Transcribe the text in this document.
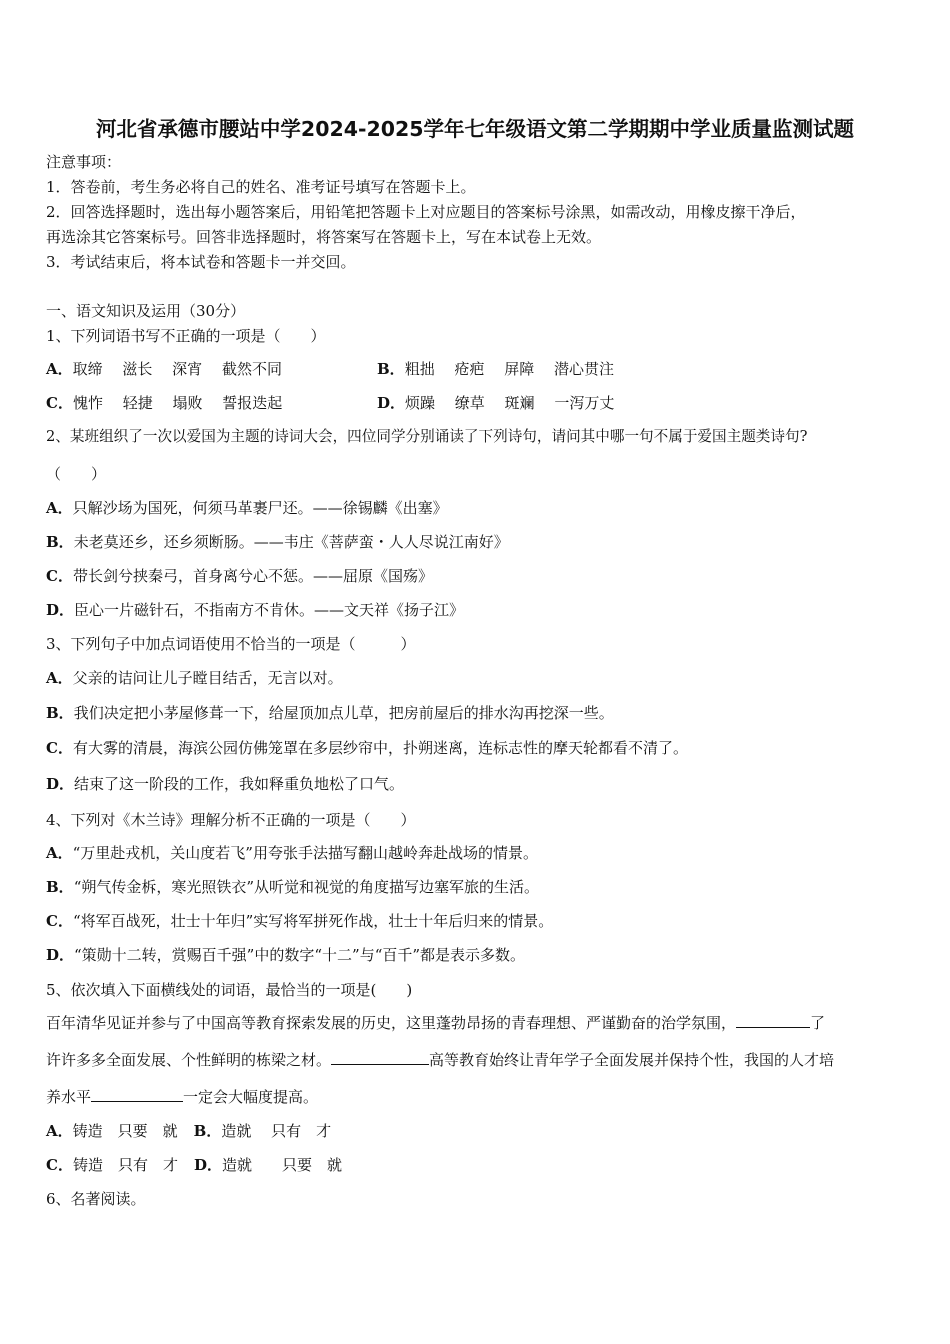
河北省承德市腰站中学2024-2025学年七年级语文第二学期期中学业质量监测试题
注意事项：
1．答卷前，考生务必将自己的姓名、准考证号填写在答题卡上。
2．回答选择题时，选出每小题答案后，用铅笔把答题卡上对应题目的答案标号涂黑，如需改动，用橡皮擦干净后，
再选涂其它答案标号。回答非选择题时，将答案写在答题卡上，写在本试卷上无效。
3．考试结束后，将本试卷和答题卡一并交回。
一、语文知识及运用（30分）
1、下列词语书写不正确的一项是（　　）
A．取缔　 滋长　 深宵　 截然不同	B．粗拙　 疮疤　 屏障　 潜心贯注
C．愧怍　 轻捷　 塌败　 誓报迭起	D．烦躁　 缭草　 斑斓　 一泻万丈
2、某班组织了一次以爱国为主题的诗词大会，四位同学分别诵读了下列诗句，请问其中哪一句不属于爱国主题类诗句?
（　　）
A．只解沙场为国死，何须马革裹尸还。——徐锡麟《出塞》
B．未老莫还乡，还乡须断肠。——韦庄《菩萨蛮・人人尽说江南好》
C．带长剑兮挟秦弓，首身离兮心不惩。——屈原《国殇》
D．臣心一片磁针石，不指南方不肯休。——文天祥《扬子江》
3、下列句子中加点词语使用不恰当的一项是（　　　）
A．父亲的诘问让儿子瞠目结舌，无言以对。
B．我们决定把小茅屋修葺一下，给屋顶加点儿草，把房前屋后的排水沟再挖深一些。
C．有大雾的清晨，海滨公园仿佛笼罩在多层纱帘中，扑朔迷离，连标志性的摩天轮都看不清了。
D．结束了这一阶段的工作，我如释重负地松了口气。
4、下列对《木兰诗》理解分析不正确的一项是（　　）
A．“万里赴戎机，关山度若飞”用夸张手法描写翻山越岭奔赴战场的情景。
B．“朔气传金柝，寒光照铁衣”从听觉和视觉的角度描写边塞军旅的生活。
C．“将军百战死，壮士十年归”实写将军拼死作战，壮士十年后归来的情景。
D．“策勋十二转，赏赐百千强”中的数字“十二”与“百千”都是表示多数。
5、依次填入下面横线处的词语，最恰当的一项是(　　)
百年清华见证并参与了中国高等教育探索发展的历史，这里蓬勃昂扬的青春理想、严谨勤奋的治学氛围，	了
许许多多全面发展、个性鲜明的栋梁之材。	高等教育始终让青年学子全面发展并保持个性，我国的人才培
养水平	一定会大幅度提高。
A．铸造　只要　就 B．造就　 只有　才
C．铸造　只有　才 D．造就　　只要　就
6、名著阅读。
